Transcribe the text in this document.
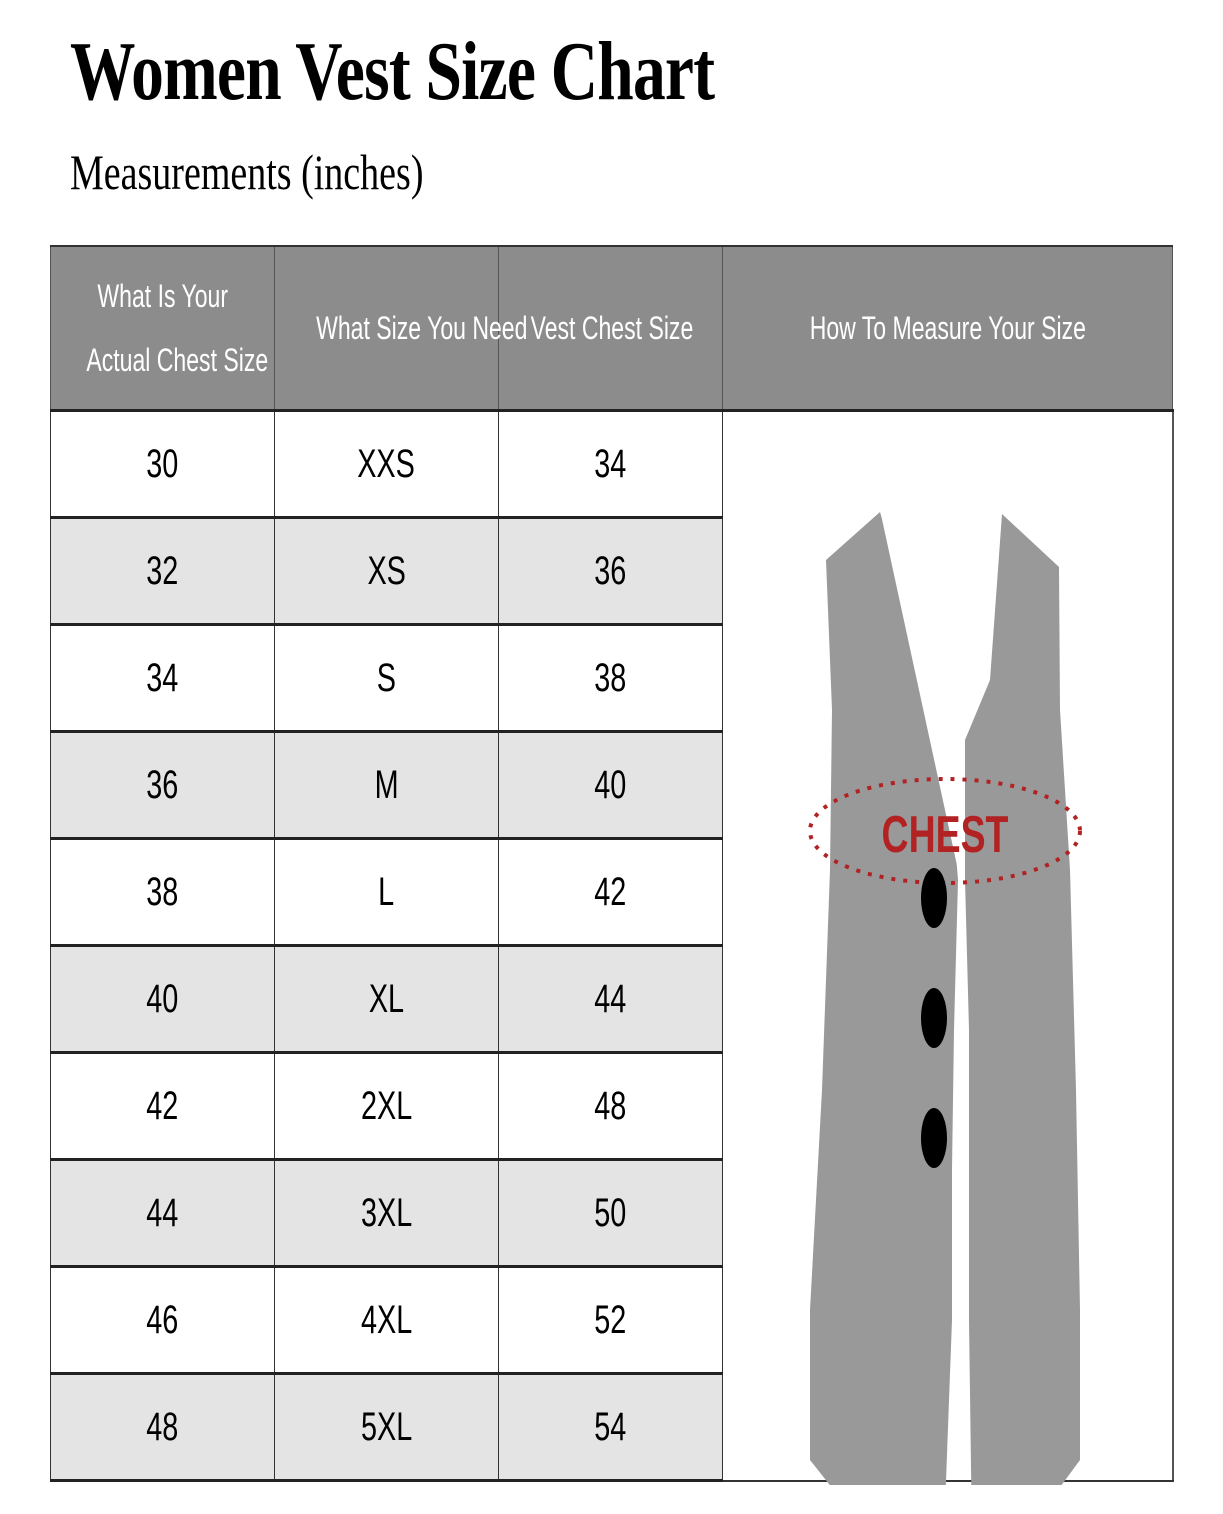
Women Vest Size Chart
Measurements (inches)
What Is Your
Actual Chest Size	What Size You Need	Vest Chest Size	How To Measure Your Size
30	XXS	34	
32	XS	36	
34	S	38	
36	M	40	
38	L	42	
40	XL	44	
42	2XL	48	
44	3XL	50	
46	4XL	52	
48	5XL	54	
CHEST
